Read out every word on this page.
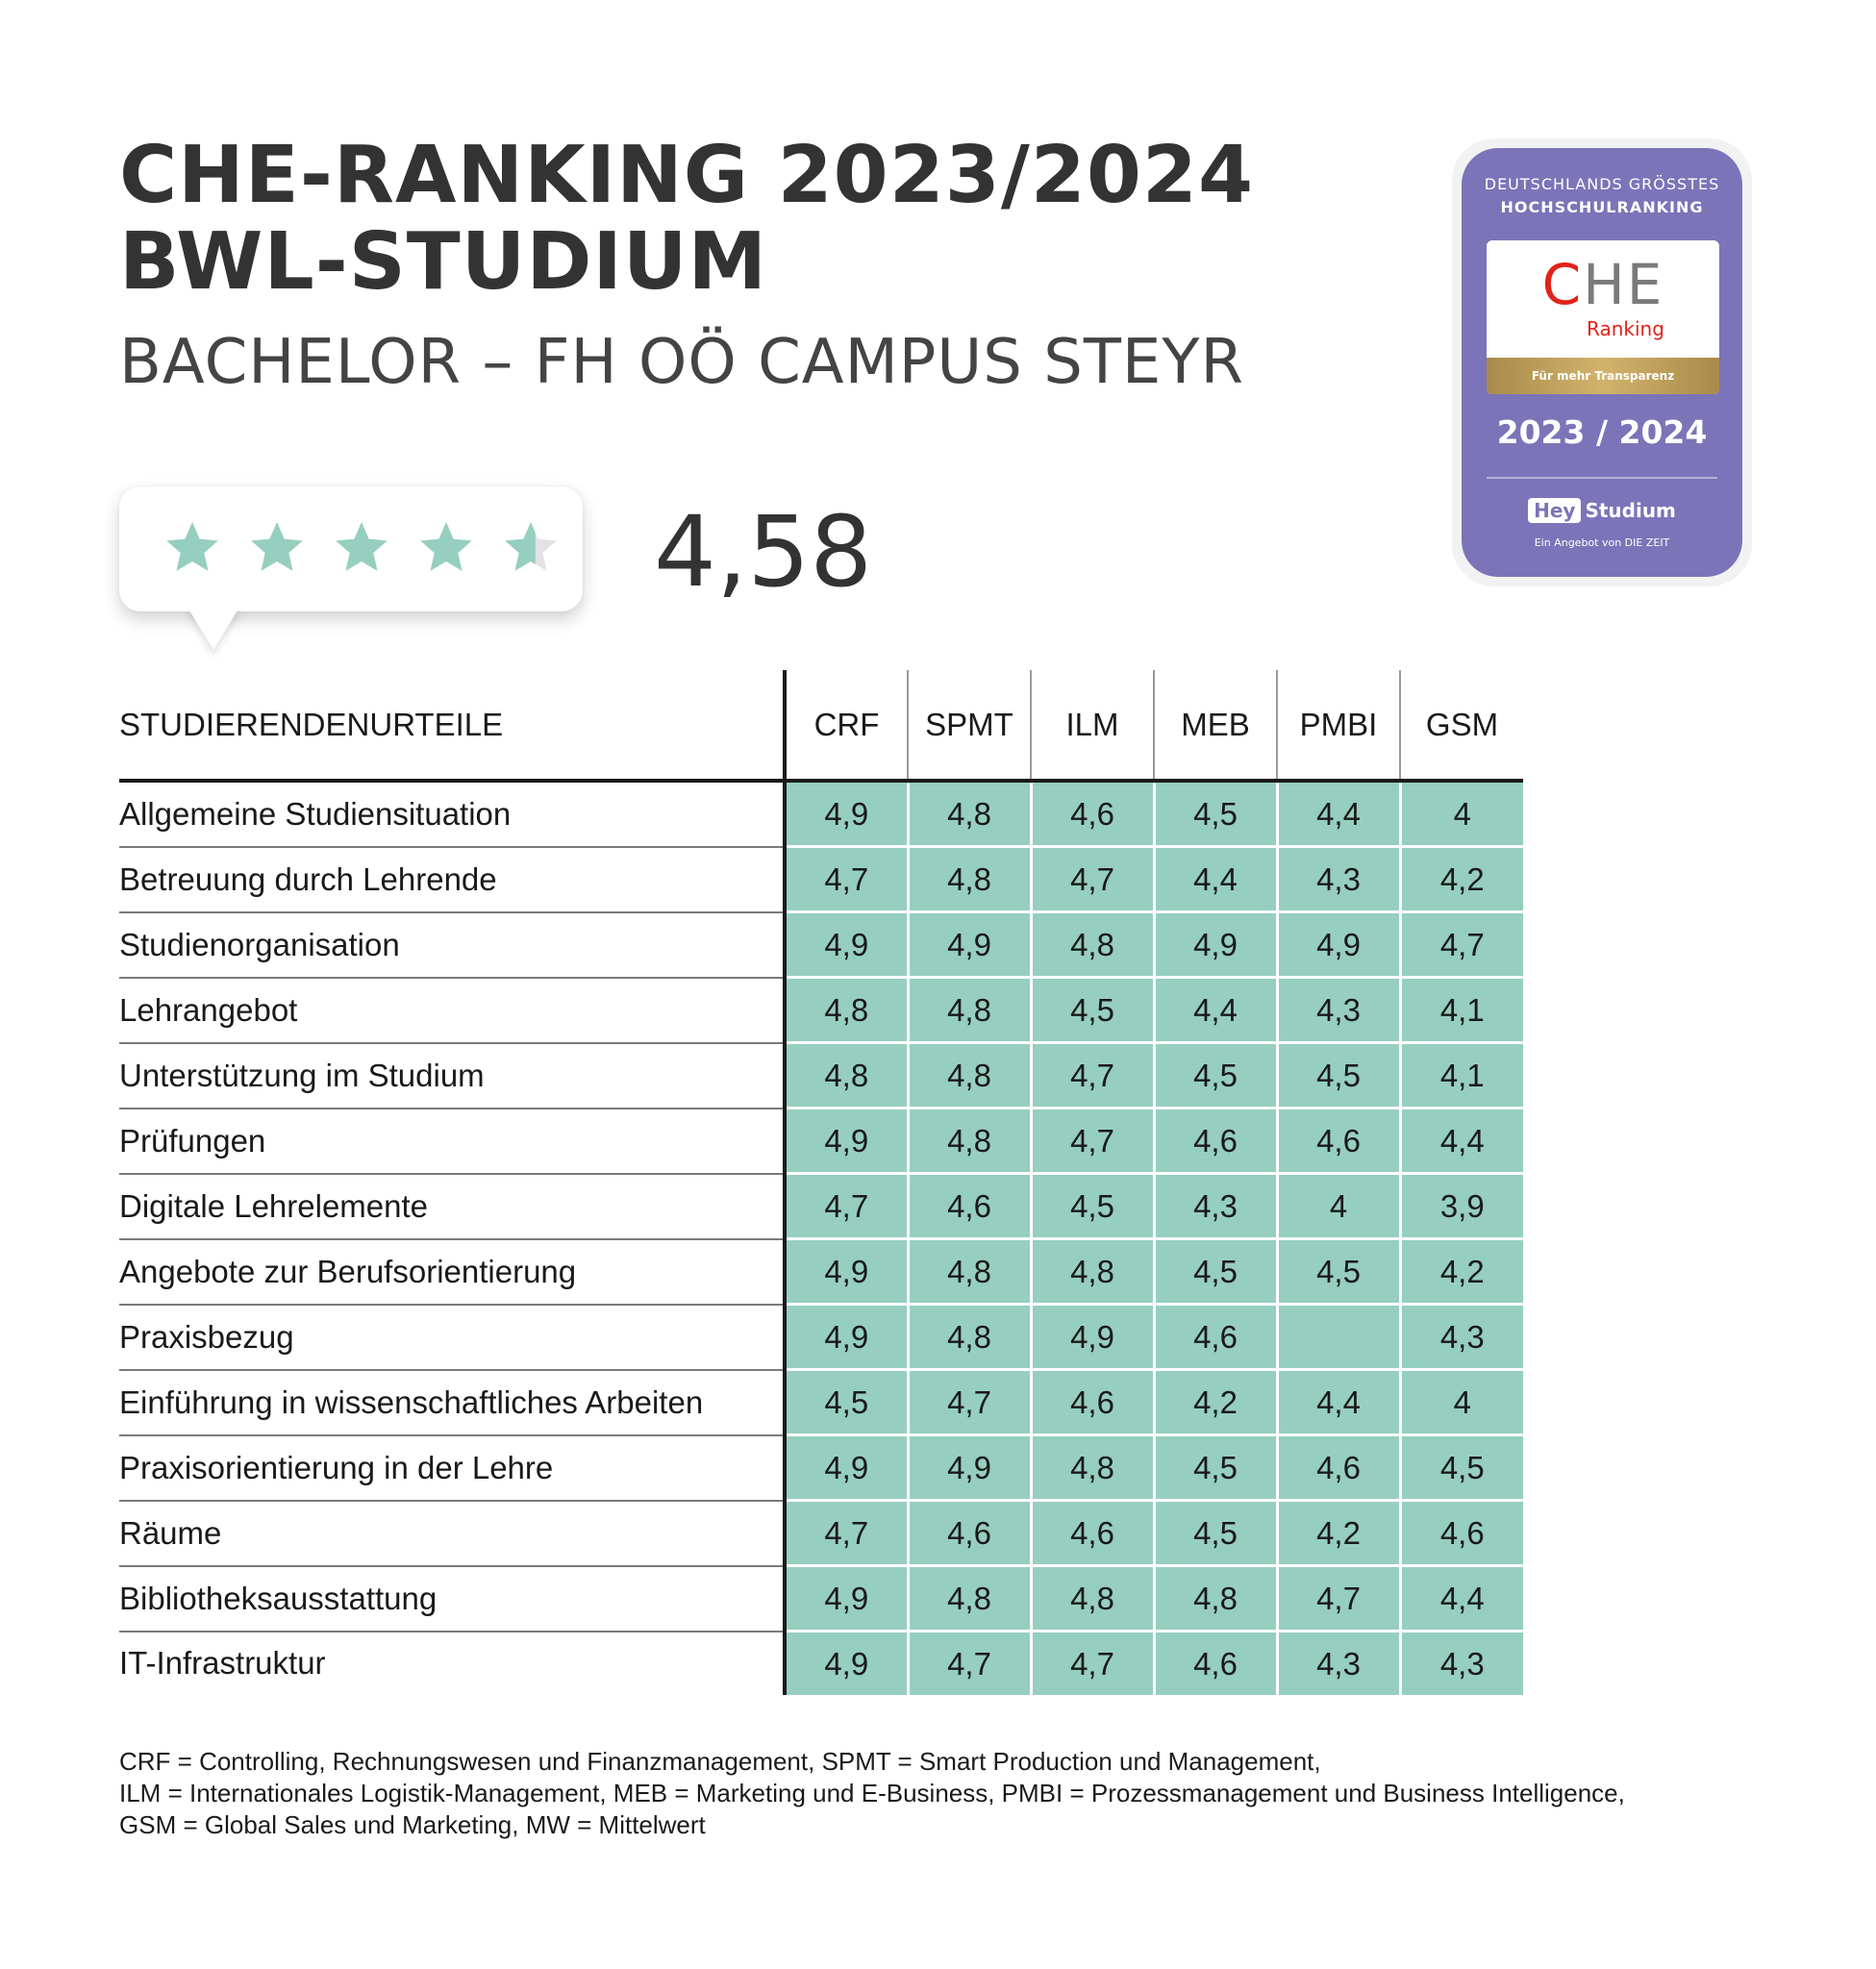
CHE-RANKING 2023/2024
BWL-STUDIUM
BACHELOR – FH OÖ CAMPUS STEYR
4,58
DEUTSCHLANDS GRÖSSTES
HOCHSCHULRANKING
CHE
Ranking
Für mehr Transparenz
2023 / 2024
Hey Studium
Ein Angebot von DIE ZEIT
STUDIERENDENURTEILE	CRF	SPMT	ILM	MEB	PMBI	GSM
Allgemeine Studiensituation	4,9	4,8	4,6	4,5	4,4	4
Betreuung durch Lehrende	4,7	4,8	4,7	4,4	4,3	4,2
Studienorganisation	4,9	4,9	4,8	4,9	4,9	4,7
Lehrangebot	4,8	4,8	4,5	4,4	4,3	4,1
Unterstützung im Studium	4,8	4,8	4,7	4,5	4,5	4,1
Prüfungen	4,9	4,8	4,7	4,6	4,6	4,4
Digitale Lehrelemente	4,7	4,6	4,5	4,3	4	3,9
Angebote zur Berufsorientierung	4,9	4,8	4,8	4,5	4,5	4,2
Praxisbezug	4,9	4,8	4,9	4,6		4,3
Einführung in wissenschaftliches Arbeiten	4,5	4,7	4,6	4,2	4,4	4
Praxisorientierung in der Lehre	4,9	4,9	4,8	4,5	4,6	4,5
Räume	4,7	4,6	4,6	4,5	4,2	4,6
Bibliotheksausstattung	4,9	4,8	4,8	4,8	4,7	4,4
IT-Infrastruktur	4,9	4,7	4,7	4,6	4,3	4,3
CRF = Controlling, Rechnungswesen und Finanzmanagement, SPMT = Smart Production und Management,
ILM = Internationales Logistik-Management, MEB = Marketing und E-Business, PMBI = Prozessmanagement und Business Intelligence,
GSM = Global Sales und Marketing, MW = Mittelwert
